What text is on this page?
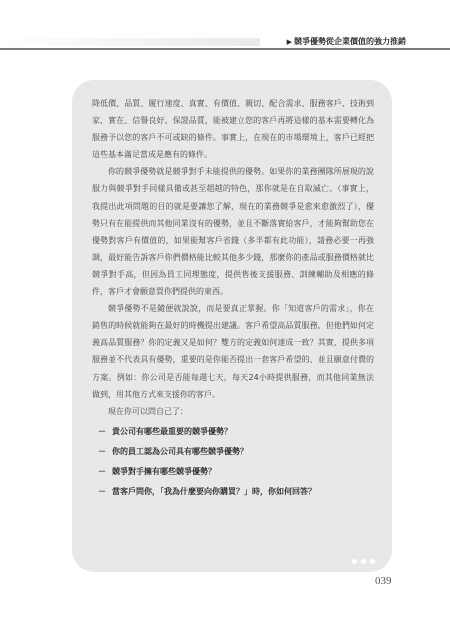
▶ 競爭優勢從企業價值的強力推銷

降低價、品質、履行速度、真實、有價值、親切、配合需求、服務客戶、技術到家、實在、信譽良好、保證品質，能被建立您的客戶再將這樣的基本需要轉化為服務予以您的客戶不可或缺的條件。事實上，在現在的市場環境上，客戶已經把這些基本滿足當成是應有的條件。

你的競爭優勢就是競爭對手未能提供的優勢。如果你的業務團隊所展現的說服力與競爭對手同樣具備或甚至超越的特色，那你就是在自取滅亡。（事實上，我提出此項問題的目的就是要讓您了解，現在的業務競爭是愈來愈激烈了），優勢只有在能提供而其他同業沒有的優勢，並且不斷落實給客戶，才能夠幫助您在優勢對客戶有價值的，如果能幫客戶省錢（多半都有此功能），請務必要一再強調，最好能告訴客戶你們價格能比較其他多少錢，那麼你的產品或服務價格就比競爭對手高，但因為員工同理態度，提供售後支援服務、訓練輔助及相應的條件，客戶才會願意買你們提供的東西。

競爭優勢不是隨便就說說，而是要真正掌握。你「知道客戶的需求」，你在銷售的時候就能夠在最好的時機提出建議。客戶希望高品質服務，但他們如何定義高品質服務？你的定義又是如何？雙方的定義如何達成一致？其實，提供多項服務並不代表具有優勢，重要的是你能否提出一套客戶希望的、並且願意付費的方案。例如：你公司是否能每週七天，每天24小時提供服務，而其他同業無法做到，用其他方式來支援你的客戶。

現在你可以問自己了：

－ 貴公司有哪些最重要的競爭優勢？
－ 你的員工認為公司具有哪些競爭優勢？
－ 競爭對手擁有哪些競爭優勢？
－ 當客戶問你，「我為什麼要向你購買？」時，你如何回答？
039
